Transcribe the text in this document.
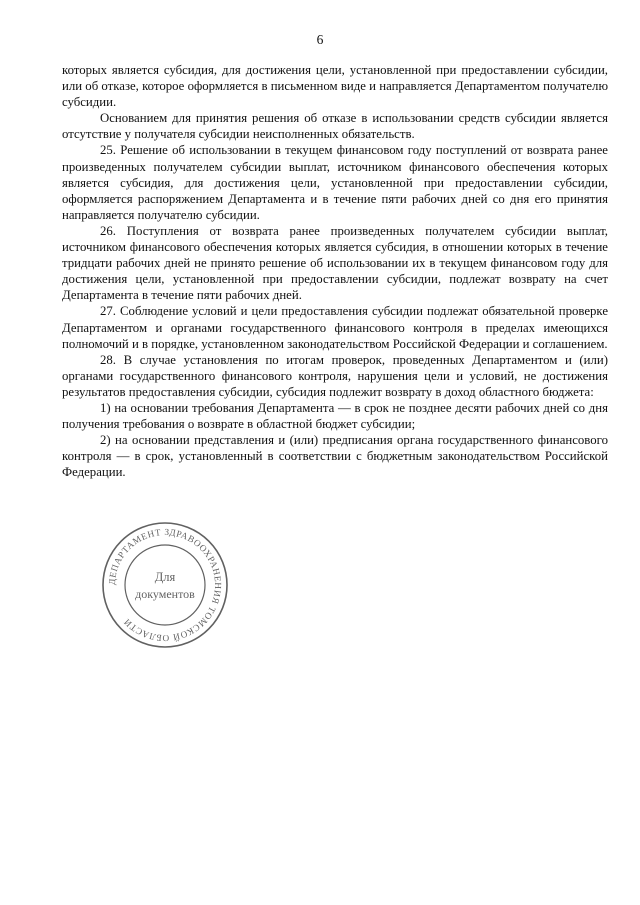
6

которых является субсидия, для достижения цели, установленной при предоставлении субсидии, или об отказе, которое оформляется в письменном виде и направляется Департаментом получателю субсидии.

Основанием для принятия решения об отказе в использовании средств субсидии является отсутствие у получателя субсидии неисполненных обязательств.

25. Решение об использовании в текущем финансовом году поступлений от возврата ранее произведенных получателем субсидии выплат, источником финансового обеспечения которых является субсидия, для достижения цели, установленной при предоставлении субсидии, оформляется распоряжением Департамента и в течение пяти рабочих дней со дня его принятия направляется получателю субсидии.

26. Поступления от возврата ранее произведенных получателем субсидии выплат, источником финансового обеспечения которых является субсидия, в отношении которых в течение тридцати рабочих дней не принято решение об использовании их в текущем финансовом году для достижения цели, установленной при предоставлении субсидии, подлежат возврату на счет Департамента в течение пяти рабочих дней.

27. Соблюдение условий и цели предоставления субсидии подлежат обязательной проверке Департаментом и органами государственного финансового контроля в пределах имеющихся полномочий и в порядке, установленном законодательством Российской Федерации и соглашением.

28. В случае установления по итогам проверок, проведенных Департаментом и (или) органами государственного финансового контроля, нарушения цели и условий, не достижения результатов предоставления субсидии, субсидия подлежит возврату в доход областного бюджета:

1) на основании требования Департамента — в срок не позднее десяти рабочих дней со дня получения требования о возврате в областной бюджет субсидии;

2) на основании представления и (или) предписания органа государственного финансового контроля — в срок, установленный в соответствии с бюджетным законодательством Российской Федерации.

ДЕПАРТАМЕНТ ЗДРАВООХРАНЕНИЯ ТОМСКОЙ ОБЛАСТИ
Для
документов
